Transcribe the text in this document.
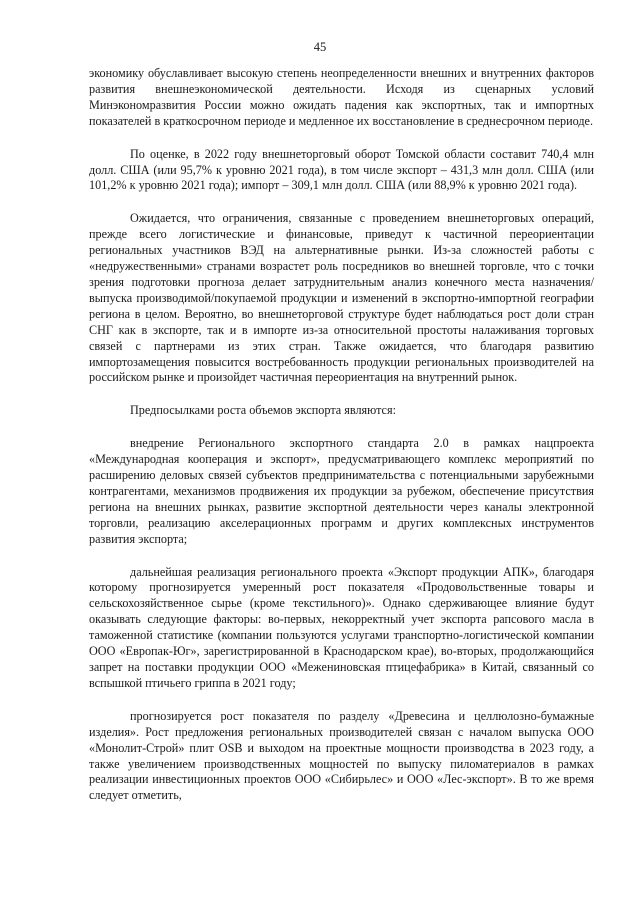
45

экономику обуславливает высокую степень неопределенности внешних и внутренних факторов развития внешнеэкономической деятельности. Исходя из сценарных условий Минэкономразвития России можно ожидать падения как экспортных, так и импортных показателей в краткосрочном периоде и медленное их восстановление в среднесрочном периоде.

По оценке, в 2022 году внешнеторговый оборот Томской области составит 740,4 млн долл. США (или 95,7% к уровню 2021 года), в том числе экспорт – 431,3 млн долл. США (или 101,2% к уровню 2021 года); импорт – 309,1 млн долл. США (или 88,9% к уровню 2021 года).

Ожидается, что ограничения, связанные с проведением внешнеторговых операций, прежде всего логистические и финансовые, приведут к частичной переориентации региональных участников ВЭД на альтернативные рынки. Из-за сложностей работы с «недружественными» странами возрастет роль посредников во внешней торговле, что с точки зрения подготовки прогноза делает затруднительным анализ конечного места назначения/выпуска производимой/покупаемой продукции и изменений в экспортно-импортной географии региона в целом. Вероятно, во внешнеторговой структуре будет наблюдаться рост доли стран СНГ как в экспорте, так и в импорте из-за относительной простоты налаживания торговых связей с партнерами из этих стран. Также ожидается, что благодаря развитию импортозамещения повысится востребованность продукции региональных производителей на российском рынке и произойдет частичная переориентация на внутренний рынок.

Предпосылками роста объемов экспорта являются:

внедрение Регионального экспортного стандарта 2.0 в рамках нацпроекта «Международная кооперация и экспорт», предусматривающего комплекс мероприятий по расширению деловых связей субъектов предпринимательства с потенциальными зарубежными контрагентами, механизмов продвижения их продукции за рубежом, обеспечение присутствия региона на внешних рынках, развитие экспортной деятельности через каналы электронной торговли, реализацию акселерационных программ и других комплексных инструментов развития экспорта;

дальнейшая реализация регионального проекта «Экспорт продукции АПК», благодаря которому прогнозируется умеренный рост показателя «Продовольственные товары и сельскохозяйственное сырье (кроме текстильного)». Однако сдерживающее влияние будут оказывать следующие факторы: во-первых, некорректный учет экспорта рапсового масла в таможенной статистике (компании пользуются услугами транспортно-логистической компании ООО «Европак-Юг», зарегистрированной в Краснодарском крае), во-вторых, продолжающийся запрет на поставки продукции ООО «Межениновская птицефабрика» в Китай, связанный со вспышкой птичьего гриппа в 2021 году;

прогнозируется рост показателя по разделу «Древесина и целлюлозно-бумажные изделия». Рост предложения региональных производителей связан с началом выпуска ООО «Монолит-Строй» плит OSB и выходом на проектные мощности производства в 2023 году, а также увеличением производственных мощностей по выпуску пиломатериалов в рамках реализации инвестиционных проектов ООО «Сибирьлес» и ООО «Лес-экспорт». В то же время следует отметить,
